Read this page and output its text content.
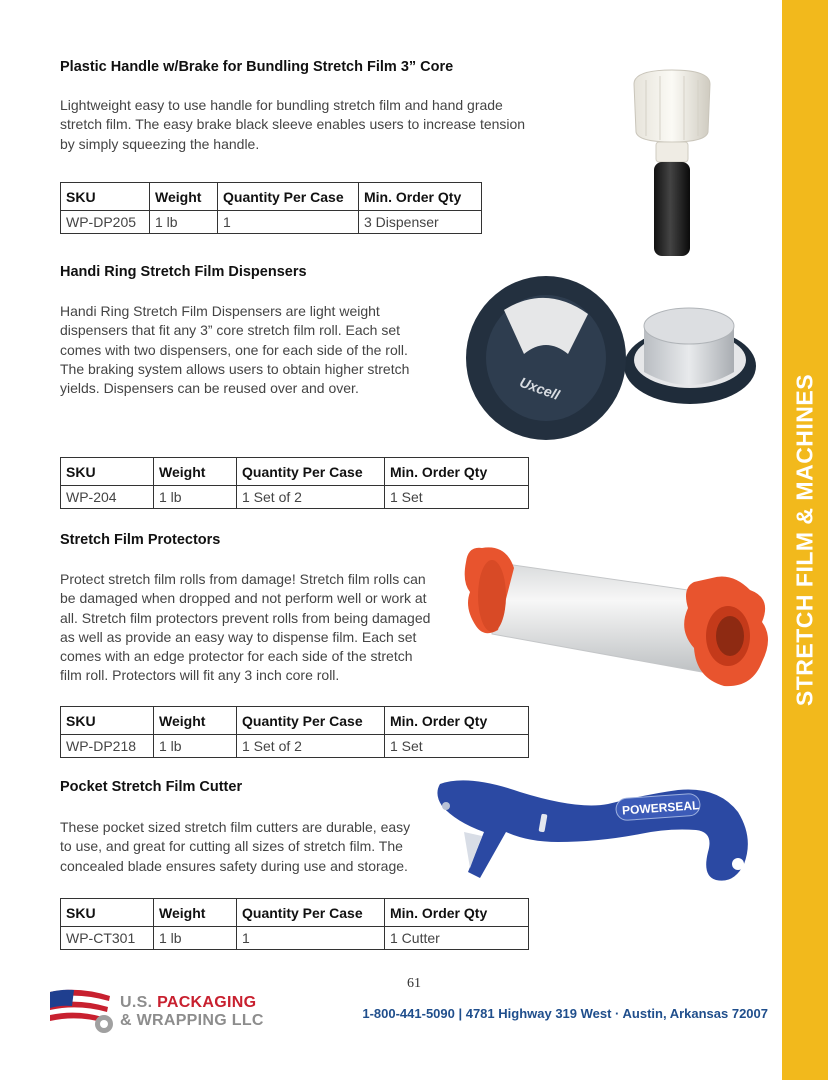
STRETCH FILM & MACHINES
Plastic Handle w/Brake for Bundling Stretch Film 3” Core
Lightweight easy to use handle for bundling stretch film and hand grade
stretch film. The easy brake black sleeve enables users to increase tension
by simply squeezing the handle.
SKU	Weight	Quantity Per Case	Min. Order Qty
WP-DP205	1 lb	1	3 Dispenser
Handi Ring Stretch Film Dispensers
Handi Ring Stretch Film Dispensers are light weight
dispensers that fit any 3” core stretch film roll. Each set
comes with two dispensers, one for each side of the roll.
The braking system allows users to obtain higher stretch
yields. Dispensers can be reused over and over.
SKU	Weight	Quantity Per Case	Min. Order Qty
WP-204	1 lb	1 Set of 2	1 Set
Uxcell
Stretch Film Protectors
Protect stretch film rolls from damage! Stretch film rolls can
be damaged when dropped and not perform well or work at
all. Stretch film protectors prevent rolls from being damaged
as well as provide an easy way to dispense film. Each set
comes with an edge protector for each side of the stretch
film roll. Protectors will fit any 3 inch core roll.
SKU	Weight	Quantity Per Case	Min. Order Qty
WP-DP218	1 lb	1 Set of 2	1 Set
Pocket Stretch Film Cutter
These pocket sized stretch film cutters are durable, easy
to use, and great for cutting all sizes of stretch film. The
concealed blade ensures safety during use and storage.
SKU	Weight	Quantity Per Case	Min. Order Qty
WP-CT301	1 lb	1	1 Cutter
POWERSEAL
61
U.S. PACKAGING
& WRAPPING LLC	1-800-441-5090 | 4781 Highway 319 West · Austin, Arkansas 72007
